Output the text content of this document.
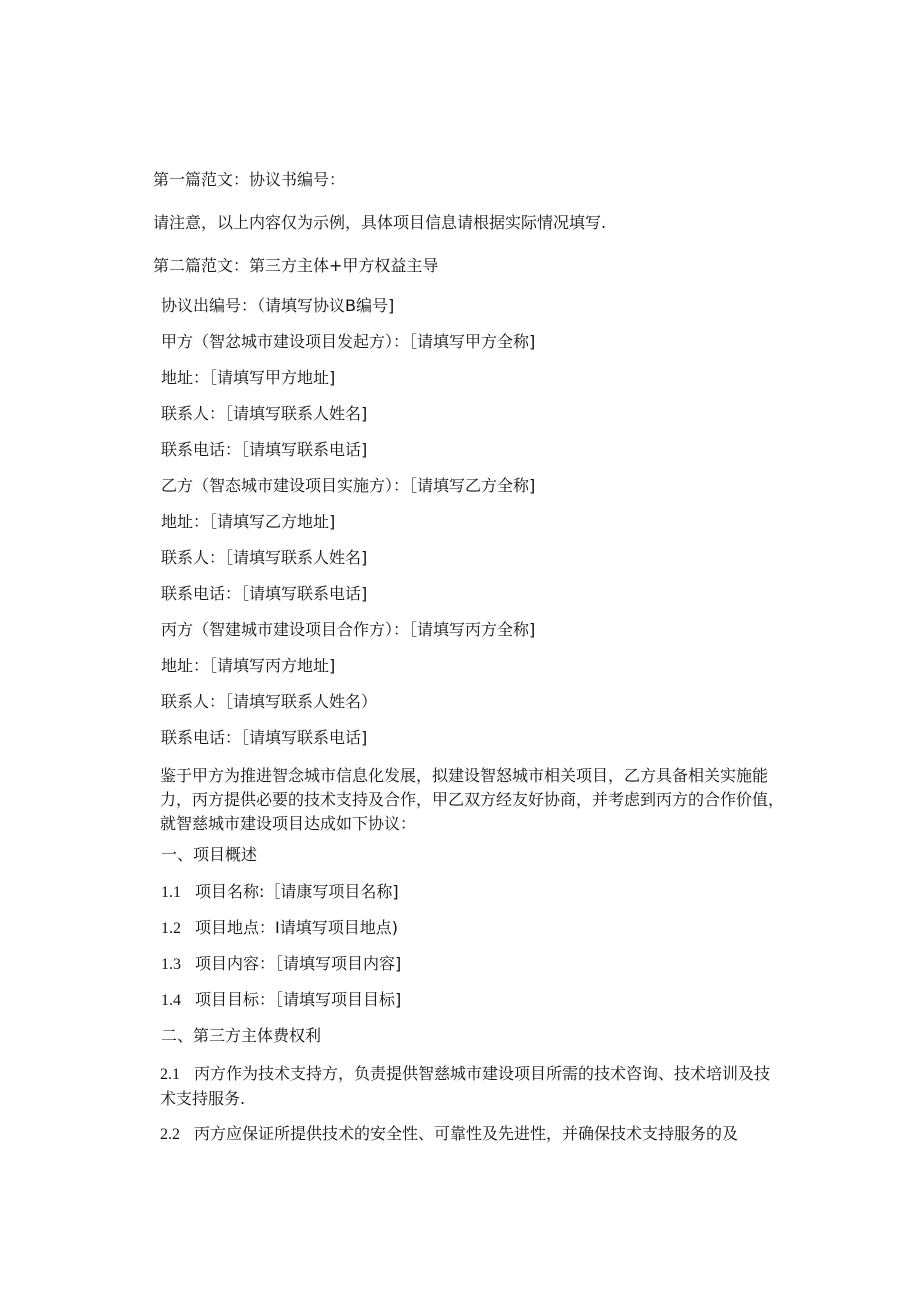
第一篇范文：协议书编号：
请注意，以上内容仅为示例，具体项目信息请根据实际情况填写.
第二篇范文：第三方主体+甲方权益主导
协议出编号：（请填写协议B编号]
甲方（智忿城市建设项目发起方）：［请填写甲方全称]
地址：［请填写甲方地址]
联系人：［请填写联系人姓名]
联系电话：［请填写联系电话]
乙方（智态城市建设项目实施方）：［请填写乙方全称]
地址：［请填写乙方地址]
联系人：［请填写联系人姓名]
联系电话：［请填写联系电话]
丙方（智建城市建设项目合作方）：［请填写丙方全称]
地址：［请填写丙方地址]
联系人：［请填写联系人姓名）
联系电话：［请填写联系电话]
鉴于甲方为推进智念城市信息化发展，拟建设智怒城市相关项目，乙方具备相关实施能力，丙方提供必要的技术支持及合作，甲乙双方经友好协商，并考虑到丙方的合作价值，就智慈城市建设项目达成如下协议：
一、项目概述
1.1 项目名称:［请康写项目名称]
1.2 项目地点：I请填写项目地点)
1.3 项目内容：［请填写项目内容]
1.4 项目目标：［请填写项目目标]
二、第三方主体费权利
2.1 丙方作为技术支持方，负责提供智慈城市建设项目所需的技术咨询、技术培训及技术支持服务.
2.2 丙方应保证所提供技术的安全性、可靠性及先进性，并确保技术支持服务的及
